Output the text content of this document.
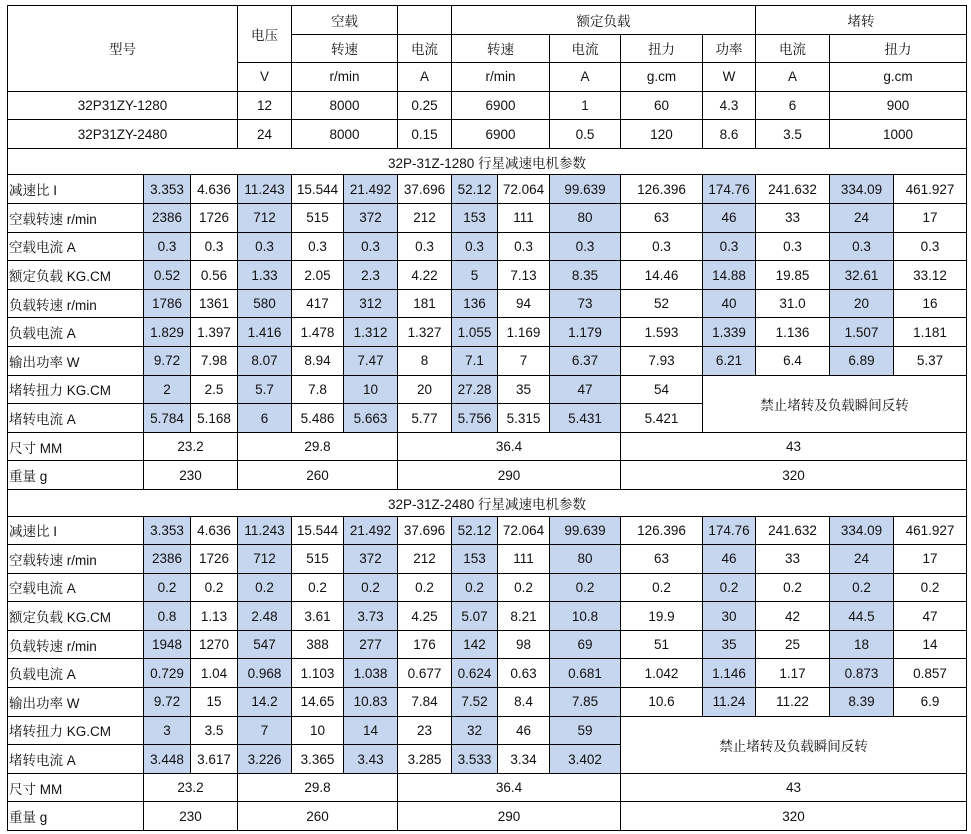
型号			电压	空载			额定负载					堵转		
				转速		电流	转速		电流	扭力	功率	电流	扭力	
			V	r/min		A	r/min		A	g.cm	W	A	g.cm	
32P31ZY-1280			12	8000		0.25	6900		1	60	4.3	6	900	
32P31ZY-2480			24	8000		0.15	6900		0.5	120	8.6	3.5	1000	
32P-31Z-1280 行星减速电机参数														
减速比 I	3.353	4.636	11.243	15.544	21.492	37.696	52.12	72.064	99.639	126.396	174.76	241.632	334.09	461.927
空载转速 r/min	2386	1726	712	515	372	212	153	111	80	63	46	33	24	17
空载电流 A	0.3	0.3	0.3	0.3	0.3	0.3	0.3	0.3	0.3	0.3	0.3	0.3	0.3	0.3
额定负载 KG.CM	0.52	0.56	1.33	2.05	2.3	4.22	5	7.13	8.35	14.46	14.88	19.85	32.61	33.12
负载转速 r/min	1786	1361	580	417	312	181	136	94	73	52	40	31.0	20	16
负载电流 A	1.829	1.397	1.416	1.478	1.312	1.327	1.055	1.169	1.179	1.593	1.339	1.136	1.507	1.181
输出功率 W	9.72	7.98	8.07	8.94	7.47	8	7.1	7	6.37	7.93	6.21	6.4	6.89	5.37
堵转扭力 KG.CM	2	2.5	5.7	7.8	10	20	27.28	35	47	54	禁止堵转及负载瞬间反转			
堵转电流 A	5.784	5.168	6	5.486	5.663	5.77	5.756	5.315	5.431	5.421				
尺寸 MM	23.2		29.8			36.4				43				
重量 g	230		260			290				320				
32P-31Z-2480 行星减速电机参数														
减速比 I	3.353	4.636	11.243	15.544	21.492	37.696	52.12	72.064	99.639	126.396	174.76	241.632	334.09	461.927
空载转速 r/min	2386	1726	712	515	372	212	153	111	80	63	46	33	24	17
空载电流 A	0.2	0.2	0.2	0.2	0.2	0.2	0.2	0.2	0.2	0.2	0.2	0.2	0.2	0.2
额定负载 KG.CM	0.8	1.13	2.48	3.61	3.73	4.25	5.07	8.21	10.8	19.9	30	42	44.5	47
负载转速 r/min	1948	1270	547	388	277	176	142	98	69	51	35	25	18	14
负载电流 A	0.729	1.04	0.968	1.103	1.038	0.677	0.624	0.63	0.681	1.042	1.146	1.17	0.873	0.857
输出功率 W	9.72	15	14.2	14.65	10.83	7.84	7.52	8.4	7.85	10.6	11.24	11.22	8.39	6.9
堵转扭力 KG.CM	3	3.5	7	10	14	23	32	46	59	禁止堵转及负载瞬间反转				
堵转电流 A	3.448	3.617	3.226	3.365	3.43	3.285	3.533	3.34	3.402					
尺寸 MM	23.2		29.8			36.4				43				
重量 g	230		260			290				320				
